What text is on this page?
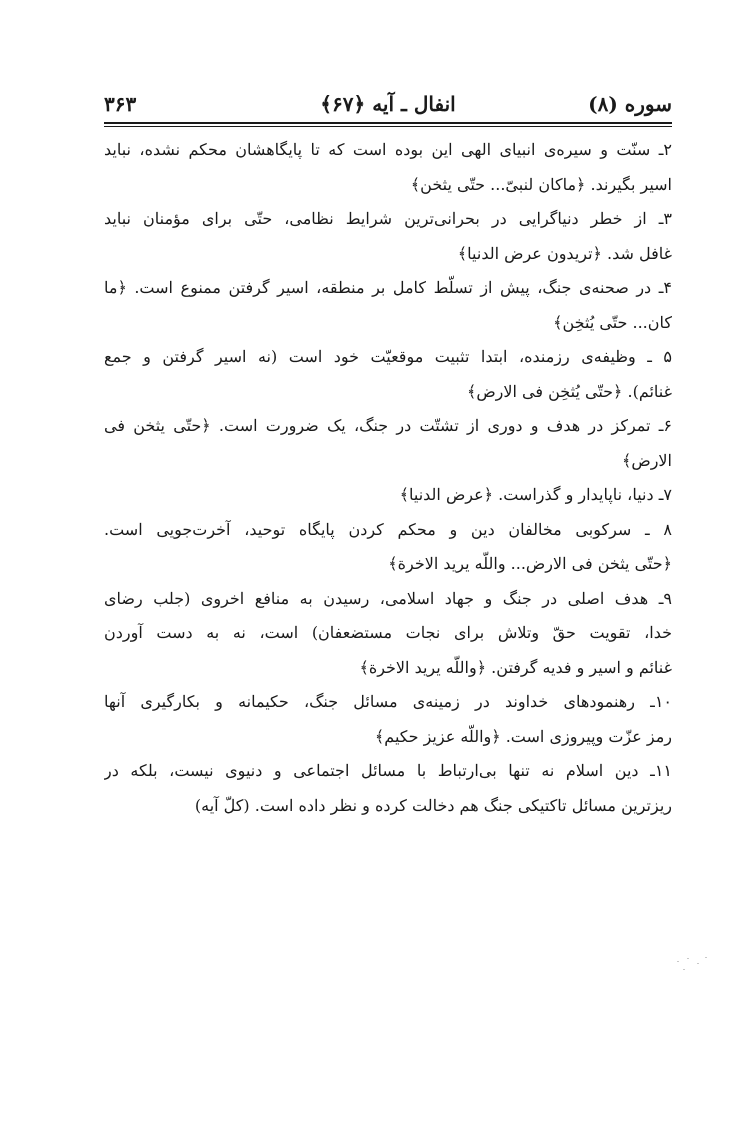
سوره (۸)
انفال ـ آیه ﴿۶۷﴾
۳۶۳
۲ـ سنّت و سیره‌ی انبیای الهی این بوده است که تا پایگاهشان محکم نشده، نباید
اسیر بگیرند. ﴿ماکان لنبیّ... حتّی یثخن﴾
۳ـ از خطر دنیاگرایی در بحرانی‌ترین شرایط نظامی، حتّی برای مؤمنان نباید
غافل شد. ﴿تریدون عرض الدنیا﴾
۴ـ در صحنه‌ی جنگ، پیش از تسلّط کامل بر منطقه، اسیر گرفتن ممنوع است. ﴿ما
کان... حتّی یُثخِن﴾
۵ ـ وظیفه‌ی رزمنده، ابتدا تثبیت موقعیّت خود است (نه اسیر گرفتن و جمع
غنائم). ﴿حتّی یُثخِن فی الارض﴾
۶ـ تمرکز در هدف و دوری از تشتّت در جنگ، یک ضرورت است. ﴿حتّی یثخن فی
الارض﴾
۷ـ دنیا، ناپایدار و گذراست. ﴿عرض الدنیا﴾
۸ ـ سرکوبی مخالفان دین و محکم کردن پایگاه توحید، آخرت‌جویی است.
﴿حتّی یثخن فی الارض... واللّه یرید الاخرة﴾
۹ـ هدف اصلی در جنگ و جهاد اسلامی، رسیدن به منافع اخروی (جلب رضای
خدا، تقویت حقّ وتلاش برای نجات مستضعفان) است، نه به دست آوردن
غنائم و اسیر و فدیه گرفتن. ﴿واللّه یرید الاخرة﴾
۱۰ـ رهنمودهای خداوند در زمینه‌ی مسائل جنگ، حکیمانه و بکارگیری آنها
رمز عزّت وپیروزی است. ﴿واللّه عزیز حکیم﴾
۱۱ـ دین اسلام نه تنها بی‌ارتباط با مسائل اجتماعی و دنیوی نیست، بلکه در
ریزترین مسائل تاکتیکی جنگ هم دخالت کرده و نظر داده است. (کلّ آیه)
